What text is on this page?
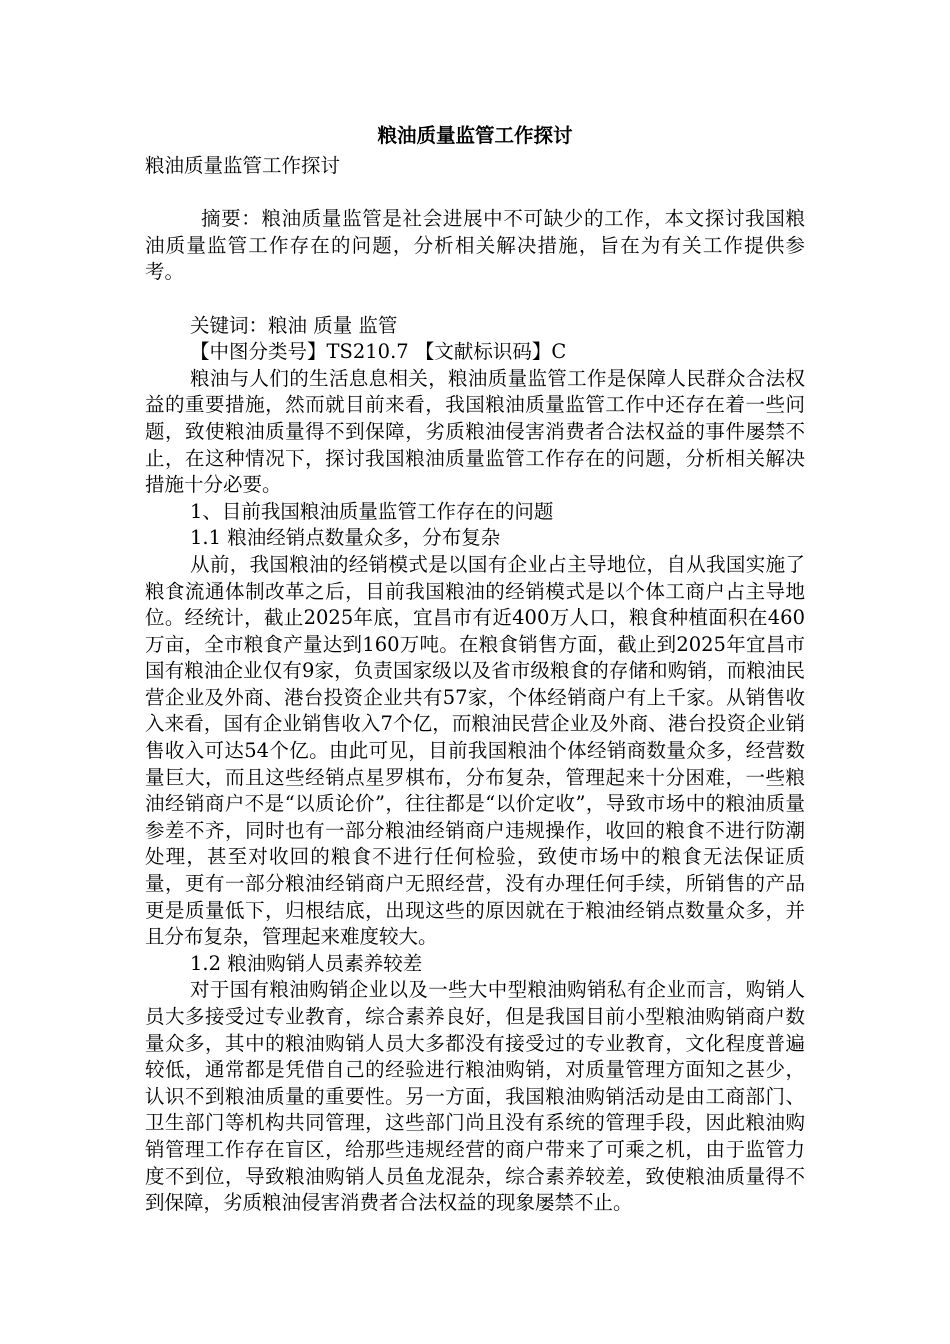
粮油质量监管工作探讨

粮油质量监管工作探讨

摘要：粮油质量监管是社会进展中不可缺少的工作，本文探讨我国粮油质量监管工作存在的问题，分析相关解决措施，旨在为有关工作提供参考。

关键词：粮油 质量 监管

【中图分类号】TS210.7 【文献标识码】C

粮油与人们的生活息息相关，粮油质量监管工作是保障人民群众合法权益的重要措施，然而就目前来看，我国粮油质量监管工作中还存在着一些问题，致使粮油质量得不到保障，劣质粮油侵害消费者合法权益的事件屡禁不止，在这种情况下，探讨我国粮油质量监管工作存在的问题，分析相关解决措施十分必要。

1、目前我国粮油质量监管工作存在的问题

1.1 粮油经销点数量众多，分布复杂

从前，我国粮油的经销模式是以国有企业占主导地位，自从我国实施了粮食流通体制改革之后，目前我国粮油的经销模式是以个体工商户占主导地位。经统计，截止2025年底，宜昌市有近400万人口，粮食种植面积在460 万亩，全市粮食产量达到160万吨。在粮食销售方面，截止到2025年宜昌市国有粮油企业仅有9家，负责国家级以及省市级粮食的存储和购销，而粮油民营企业及外商、港台投资企业共有57家，个体经销商户有上千家。从销售收入来看，国有企业销售收入7个亿，而粮油民营企业及外商、港台投资企业销售收入可达54个亿。由此可见，目前我国粮油个体经销商数量众多，经营数量巨大，而且这些经销点星罗棋布，分布复杂，管理起来十分困难，一些粮油经销商户不是“以质论价”，往往都是“以价定收”，导致市场中的粮油质量参差不齐，同时也有一部分粮油经销商户违规操作，收回的粮食不进行防潮处理，甚至对收回的粮食不进行任何检验，致使市场中的粮食无法保证质量，更有一部分粮油经销商户无照经营，没有办理任何手续，所销售的产品更是质量低下，归根结底，出现这些的原因就在于粮油经销点数量众多，并且分布复杂，管理起来难度较大。

1.2 粮油购销人员素养较差

对于国有粮油购销企业以及一些大中型粮油购销私有企业而言，购销人员大多接受过专业教育，综合素养良好，但是我国目前小型粮油购销商户数量众多，其中的粮油购销人员大多都没有接受过的专业教育，文化程度普遍较低，通常都是凭借自己的经验进行粮油购销，对质量管理方面知之甚少，认识不到粮油质量的重要性。另一方面，我国粮油购销活动是由工商部门、卫生部门等机构共同管理，这些部门尚且没有系统的管理手段，因此粮油购销管理工作存在盲区，给那些违规经营的商户带来了可乘之机，由于监管力度不到位，导致粮油购销人员鱼龙混杂，综合素养较差，致使粮油质量得不到保障，劣质粮油侵害消费者合法权益的现象屡禁不止。
